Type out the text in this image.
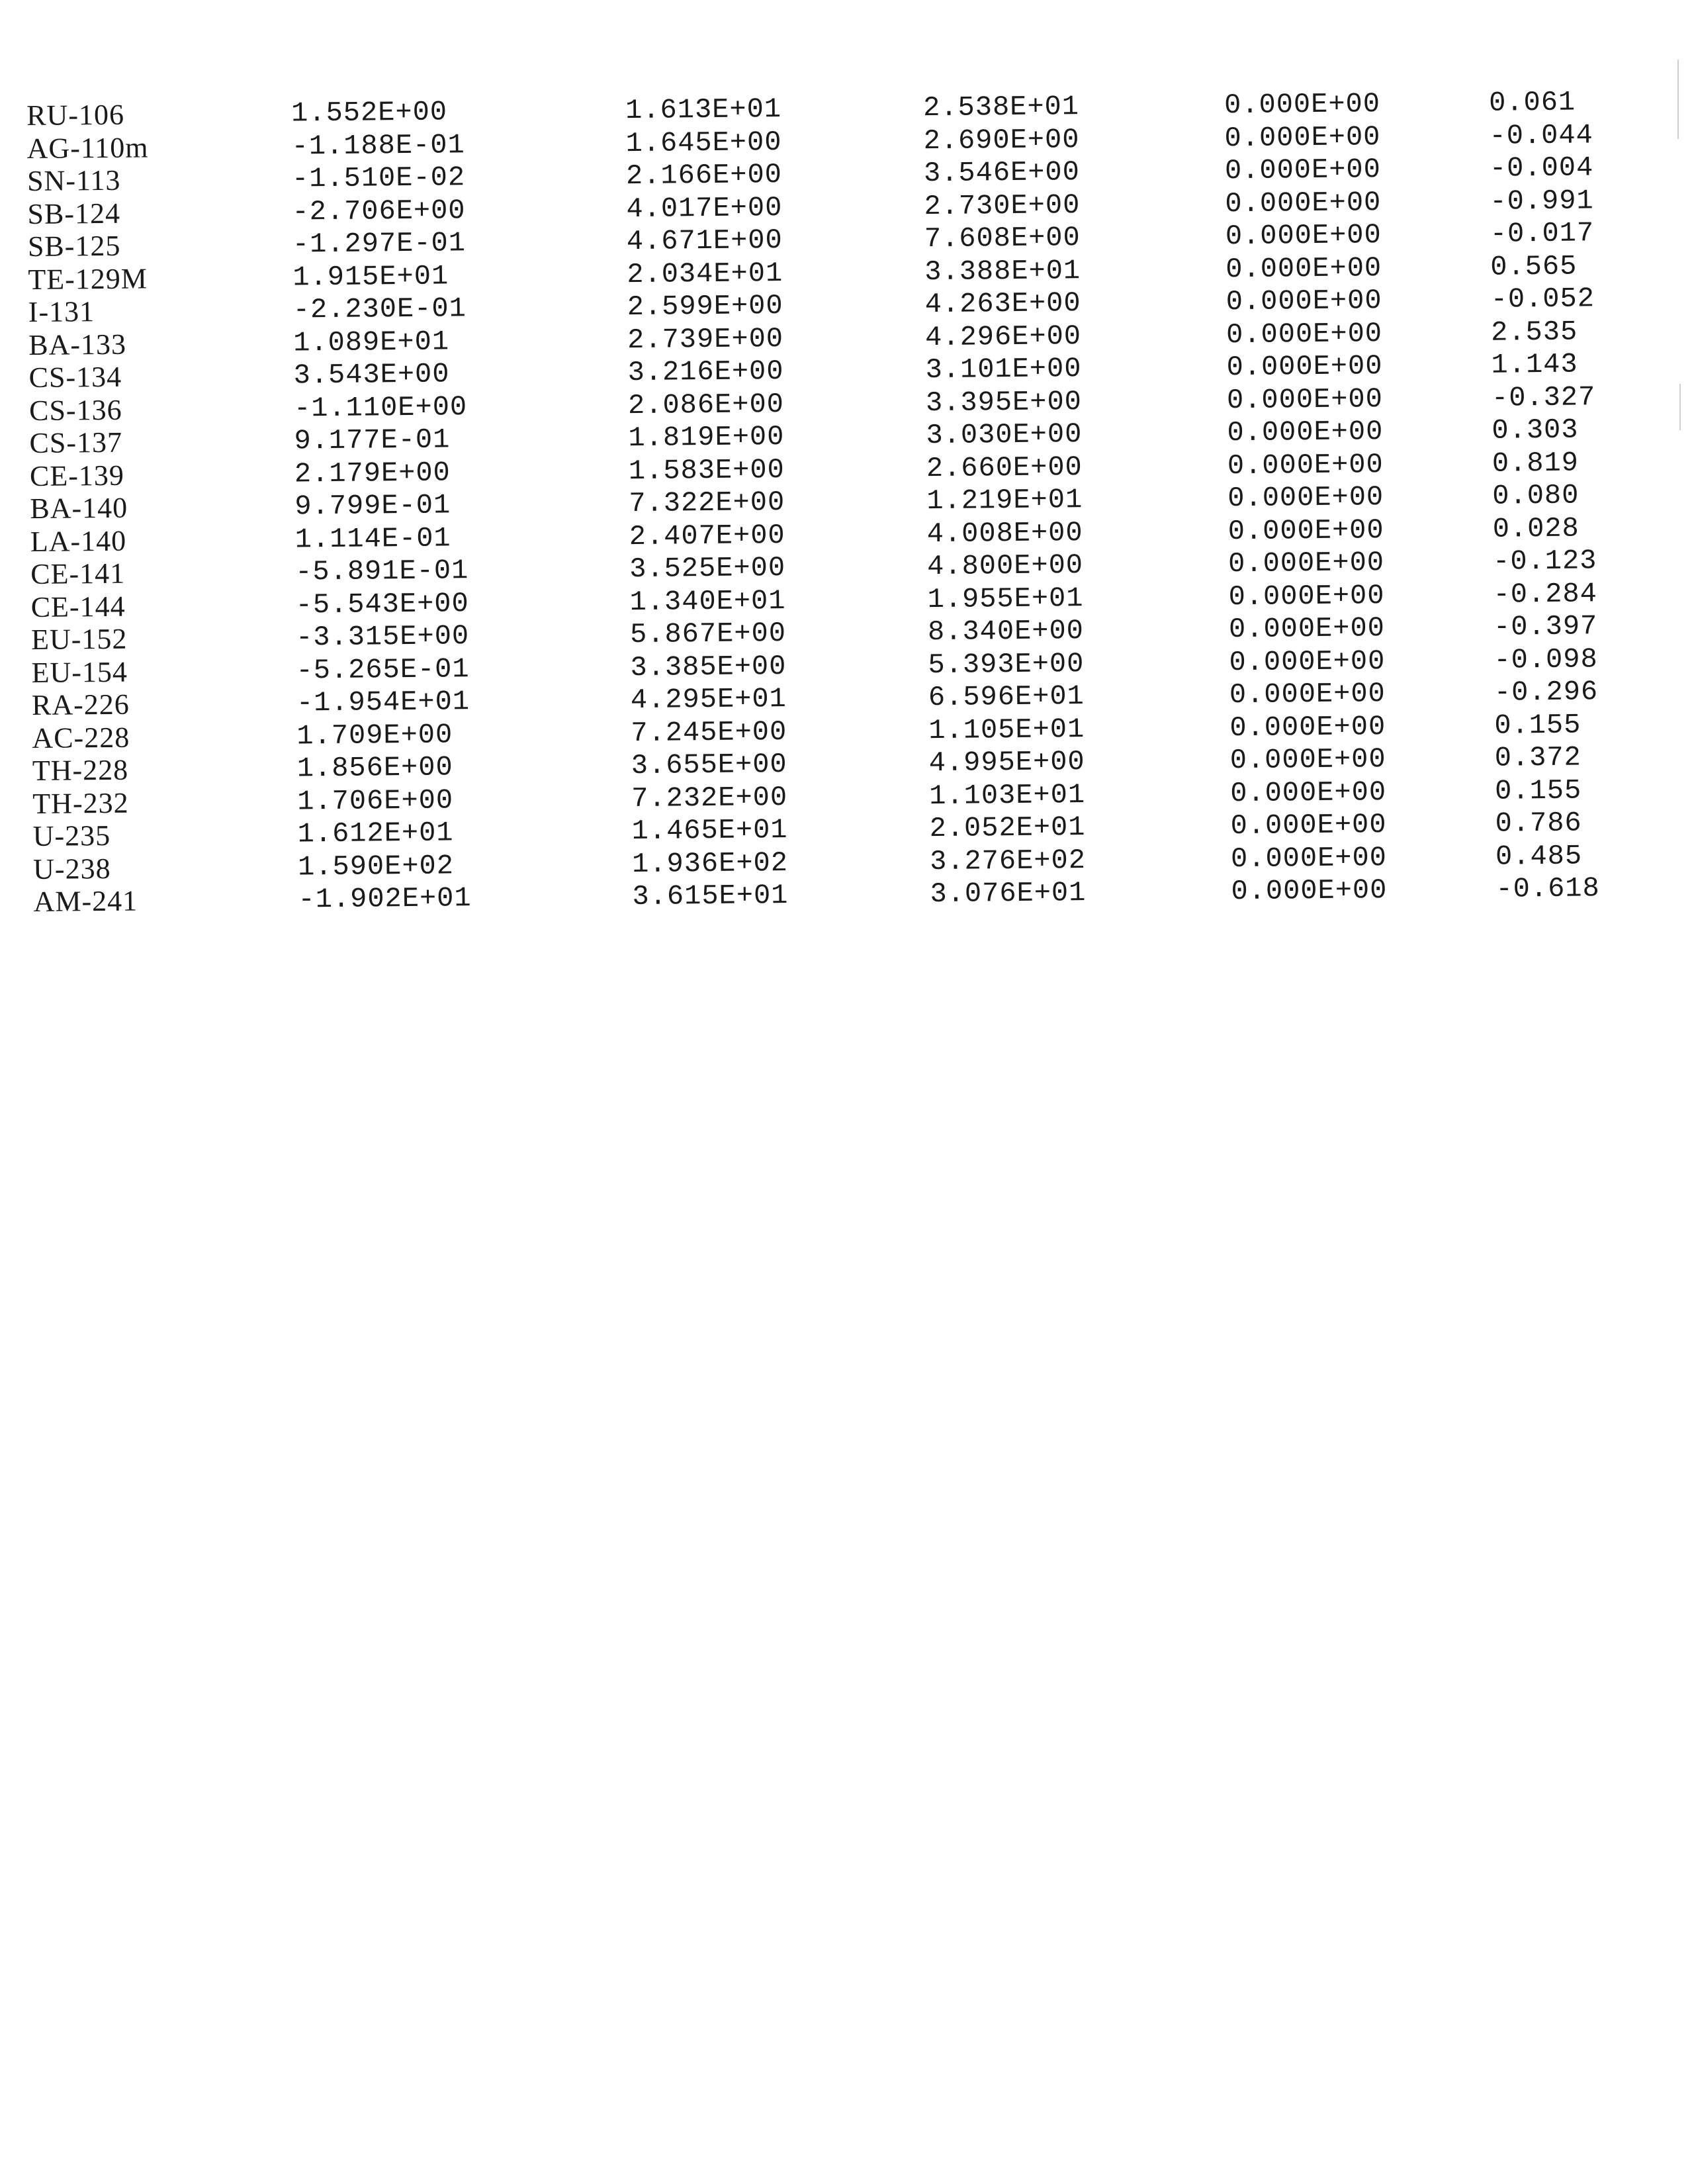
RU-106	1.552E+00	1.613E+01	2.538E+01	0.000E+00	0.061
AG-110m	-1.188E-01	1.645E+00	2.690E+00	0.000E+00	-0.044
SN-113	-1.510E-02	2.166E+00	3.546E+00	0.000E+00	-0.004
SB-124	-2.706E+00	4.017E+00	2.730E+00	0.000E+00	-0.991
SB-125	-1.297E-01	4.671E+00	7.608E+00	0.000E+00	-0.017
TE-129M	1.915E+01	2.034E+01	3.388E+01	0.000E+00	0.565
I-131	-2.230E-01	2.599E+00	4.263E+00	0.000E+00	-0.052
BA-133	1.089E+01	2.739E+00	4.296E+00	0.000E+00	2.535
CS-134	3.543E+00	3.216E+00	3.101E+00	0.000E+00	1.143
CS-136	-1.110E+00	2.086E+00	3.395E+00	0.000E+00	-0.327
CS-137	9.177E-01	1.819E+00	3.030E+00	0.000E+00	0.303
CE-139	2.179E+00	1.583E+00	2.660E+00	0.000E+00	0.819
BA-140	9.799E-01	7.322E+00	1.219E+01	0.000E+00	0.080
LA-140	1.114E-01	2.407E+00	4.008E+00	0.000E+00	0.028
CE-141	-5.891E-01	3.525E+00	4.800E+00	0.000E+00	-0.123
CE-144	-5.543E+00	1.340E+01	1.955E+01	0.000E+00	-0.284
EU-152	-3.315E+00	5.867E+00	8.340E+00	0.000E+00	-0.397
EU-154	-5.265E-01	3.385E+00	5.393E+00	0.000E+00	-0.098
RA-226	-1.954E+01	4.295E+01	6.596E+01	0.000E+00	-0.296
AC-228	1.709E+00	7.245E+00	1.105E+01	0.000E+00	0.155
TH-228	1.856E+00	3.655E+00	4.995E+00	0.000E+00	0.372
TH-232	1.706E+00	7.232E+00	1.103E+01	0.000E+00	0.155
U-235	1.612E+01	1.465E+01	2.052E+01	0.000E+00	0.786
U-238	1.590E+02	1.936E+02	3.276E+02	0.000E+00	0.485
AM-241	-1.902E+01	3.615E+01	3.076E+01	0.000E+00	-0.618
